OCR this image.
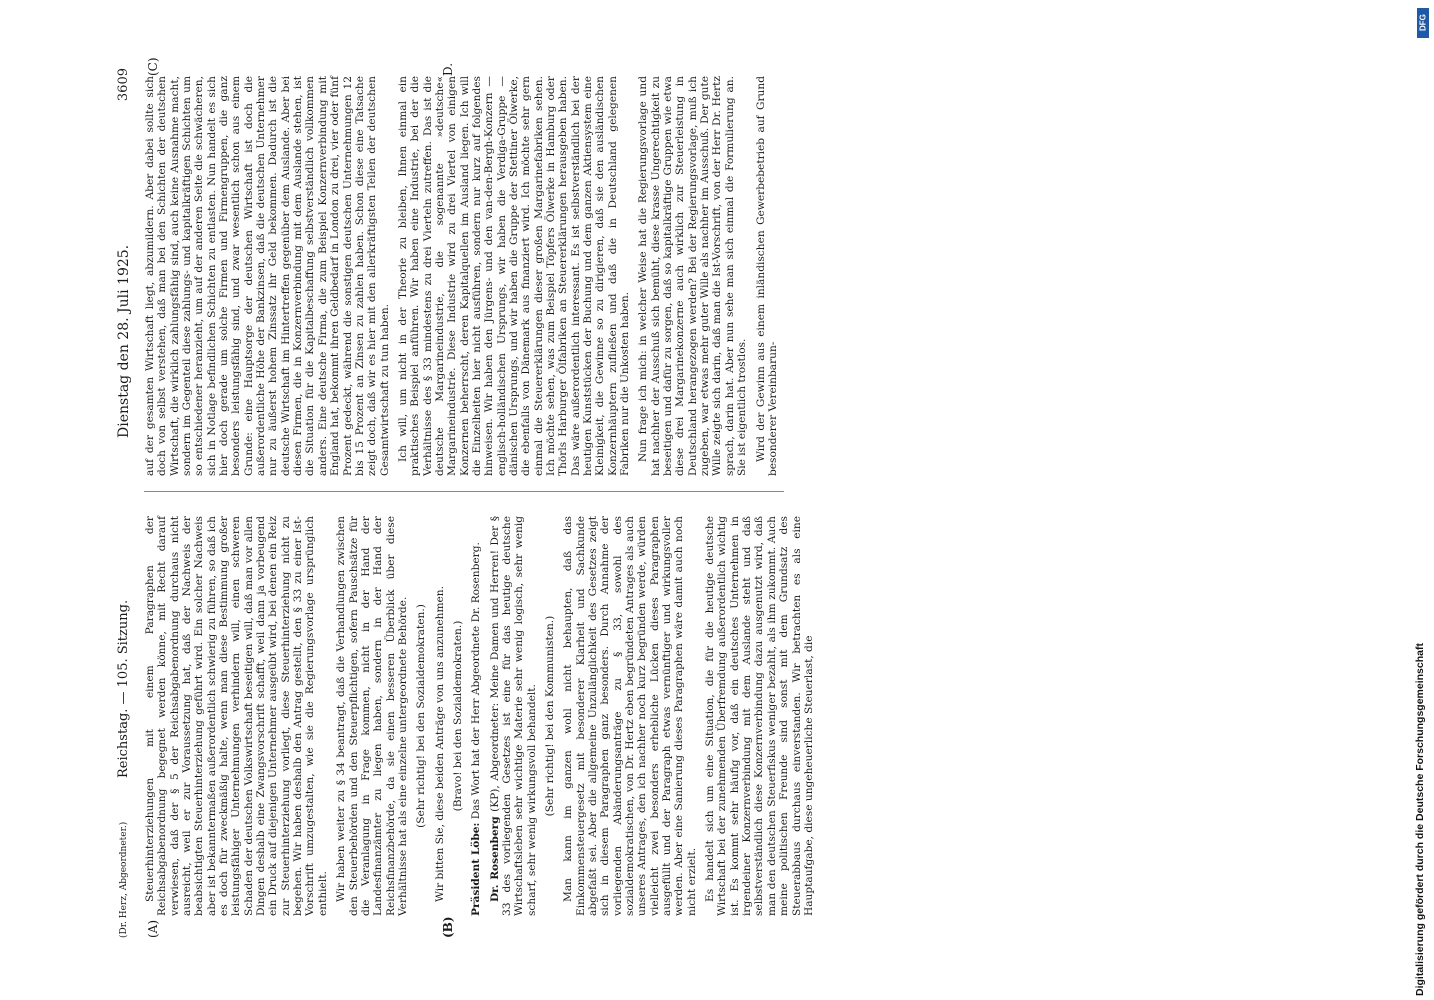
(Dr. Herz, Abgeordneter.)
Reichstag. — 105. Sitzung.
Dienstag den 28. Juli 1925.
3609
(A)	(B)
(C)	D.

Steuerhinterziehungen mit einem Paragraphen der Reichsabgabenordnung begegnet werden könne, mit Recht darauf verwiesen, daß der § 5 der Reichsabgabenordnung durchaus nicht ausreicht, weil er zur Voraussetzung hat, daß der Nachweis der beabsichtigten Steuerhinterziehung geführt wird. Ein solcher Nachweis aber ist bekanntermaßen außerordentlich schwierig zu führen, so daß ich es doch für zweckmäßig halte, wenn man diese Bestimmung großer leistungsfähiger Unternehmungen verhindern will, einen schweren Schaden der deutschen Volkswirtschaft beseitigen will, daß man vor allen Dingen deshalb eine Zwangsvorschrift schafft, weil dann ja vorbeugend ein Druck auf diejenigen Unternehmer ausgeübt wird, bei denen ein Reiz zur Steuerhinterziehung vorliegt, diese Steuerhinterziehung nicht zu begehen. Wir haben deshalb den Antrag gestellt, den § 33 zu einer Ist-Vorschrift umzugestalten, wie sie die Regierungsvorlage ursprünglich enthielt. Wir haben weiter zu § 34 beantragt, daß die Verhandlungen zwischen den Steuerbehörden und den Steuerpflichtigen, sofern Pauschsätze für die Veranlagung in Frage kommen, nicht in der Hand der Landesfinanzämter zu liegen haben, sondern in der Hand der Reichsfinanzbehörde, da sie einen besseren Überblick über diese Verhältnisse hat als eine einzelne untergeordnete Behörde. (Sehr richtig! bei den Sozialdemokraten.) Wir bitten Sie, diese beiden Anträge von uns anzunehmen. (Bravo! bei den Sozialdemokraten.)

Präsident Löbe: Das Wort hat der Herr Abgeordnete Dr. Rosenberg.

Dr. Rosenberg (KP), Abgeordneter: Meine Damen und Herren! Der § 33 des vorliegenden Gesetzes ist eine für das heutige deutsche Wirtschaftsleben sehr wichtige Materie sehr wenig logisch, sehr wenig scharf, sehr wenig wirkungsvoll behandelt. (Sehr richtig! bei den Kommunisten.) Man kann im ganzen wohl nicht behaupten, daß das Einkommensteuergesetz mit besonderer Klarheit und Sachkunde abgefaßt sei. Aber die allgemeine Unzulänglichkeit des Gesetzes zeigt sich in diesem Paragraphen ganz besonders. Durch Annahme der vorliegenden Abänderungsanträge zu § 33, sowohl des sozialdemokratischen, von Dr. Hertz eben begründeten Antrages als auch unseres Antrages, den ich nachher noch kurz begründen werde, würden vielleicht zwei besonders erhebliche Lücken dieses Paragraphen ausgefüllt und der Paragraph etwas vernünftiger und wirkungsvoller werden. Aber eine Sanierung dieses Paragraphen wäre damit auch noch nicht erzielt. Es handelt sich um eine Situation, die für die heutige deutsche Wirtschaft bei der zunehmenden Überfremdung außerordentlich wichtig ist. Es kommt sehr häufig vor, daß ein deutsches Unternehmen in irgendeiner Konzernverbindung mit dem Auslande steht und daß selbstverständlich diese Konzernverbindung dazu ausgenutzt wird, daß man den deutschen Steuerfiskus weniger bezahlt, als ihm zukommt. Auch meine politischen Freunde sind sonst mit dem Grundsatz des Steuerabbaus durchaus einverstanden. Wir betrachten es als eine Hauptaufgabe, diese ungeheuerliche Steuerlast, die

auf der gesamten Wirtschaft liegt, abzumildern. Aber dabei sollte sich doch von selbst verstehen, daß man bei den Schichten der deutschen Wirtschaft, die wirklich zahlungsfähig sind, auch keine Ausnahme macht, sondern im Gegenteil diese zahlungs- und kapitalkräftigen Schichten um so entschiedener heranzieht, um auf der anderen Seite die schwächeren, sich in Notlage befindlichen Schichten zu entlasten. Nun handelt es sich hier doch gerade um solche Firmen und Firmengruppen, die ganz besonders leistungsfähig sind, und zwar wesentlich schon aus einem Grunde: eine Hauptsorge der deutschen Wirtschaft ist doch die außerordentliche Höhe der Bankzinsen, daß die deutschen Unternehmer nur zu äußerst hohem Zinssatz ihr Geld bekommen. Dadurch ist die deutsche Wirtschaft im Hintertreffen gegenüber dem Auslande. Aber bei diesen Firmen, die in Konzernverbindung mit dem Auslande stehen, ist die Situation für die Kapitalbeschaffung selbstverständlich vollkommen anders. Eine deutsche Firma, die zum Beispiel Konzernverbindung mit England hat, bekommt ihren Geldbedarf in London zu drei, vier oder fünf Prozent gedeckt, während die sonstigen deutschen Unternehmungen 12 bis 15 Prozent an Zinsen zu zahlen haben. Schon diese eine Tatsache zeigt doch, daß wir es hier mit den allerkräftigsten Teilen der deutschen Gesamtwirtschaft zu tun haben. Ich will, um nicht in der Theorie zu bleiben, Ihnen einmal ein praktisches Beispiel anführen. Wir haben eine Industrie, bei der die Verhältnisse des § 33 mindestens zu drei Vierteln zutreffen. Das ist die deutsche Margarineindustrie, die sogenannte »deutsche« Margarineindustrie. Diese Industrie wird zu drei Viertel von einigen Konzernen beherrscht, deren Kapitalquellen im Ausland liegen. Ich will die Einzelheiten hier nicht ausführen, sondern nur kurz auf folgendes hinweisen. Wir haben den Jürgens- und den van-den-Bergh-Konzern — englisch-holländischen Ursprungs, wir haben die Verdiga-Gruppe — dänischen Ursprungs, und wir haben die Gruppe der Stettiner Ölwerke, die ebenfalls von Dänemark aus finanziert wird. Ich möchte sehr gern einmal die Steuererklärungen dieser großen Margarinefabriken sehen. Ich möchte sehen, was zum Beispiel Töpfers Ölwerke in Hamburg oder Thörls Harburger Ölfabriken an Steuererklärungen herausgeben haben. Das wäre außerordentlich interessant. Es ist selbstverständlich bei der heutigen Kunststücken der Buchung und dem ganzen Aktiensystem eine Kleinigkeit, die Gewinne so zu dirigieren, daß sie den ausländischen Konzernhäuptern zufließen und daß die in Deutschland gelegenen Fabriken nur die Unkosten haben. Nun frage ich mich: in welcher Weise hat die Regierungsvorlage und hat nachher der Ausschuß sich bemüht, diese krasse Ungerechtigkeit zu beseitigen und dafür zu sorgen, daß so kapitalkräftige Gruppen wie etwa diese drei Margarinekonzerne auch wirklich zur Steuerleistung in Deutschland herangezogen werden? Bei der Regierungsvorlage, muß ich zugeben, war etwas mehr guter Wille als nachher im Ausschuß. Der gute Wille zeigte sich darin, daß man die Ist-Vorschrift, von der Herr Dr. Hertz sprach, darin hat. Aber nun sehe man sich einmal die Formulierung an. Sie ist eigentlich trostlos. Wird der Gewinn aus einem inländischen Gewerbebetrieb auf Grund besonderer Vereinbarun-

DFG
Digitalisierung gefördert durch die Deutsche Forschungsgemeinschaft
